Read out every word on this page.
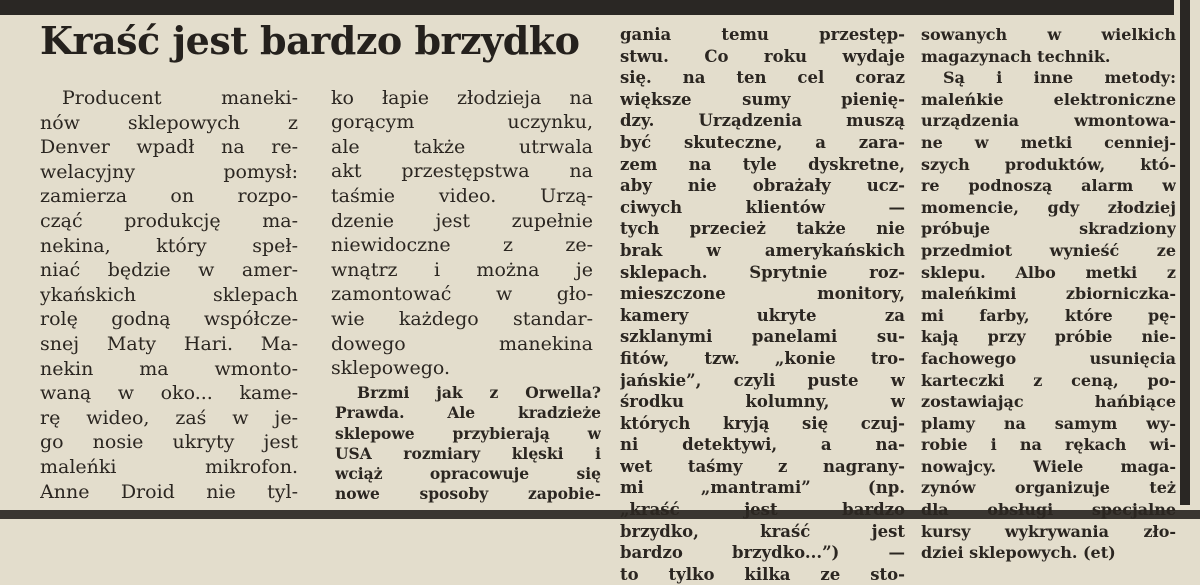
Kraść jest bardzo brzydko
Producent maneki-
nów sklepowych z
Denver wpadł na re-
welacyjny pomysł:
zamierza on rozpo-
cząć produkcję ma-
nekina, który speł-
niać będzie w amer-
ykańskich sklepach
rolę godną współcze-
snej Maty Hari. Ma-
nekin ma wmonto-
waną w oko... kame-
rę wideo, zaś w je-
go nosie ukryty jest
maleńki mikrofon.
Anne Droid nie tyl-
ko łapie złodzieja na
gorącym uczynku,
ale także utrwala
akt przestępstwa na
taśmie video. Urzą-
dzenie jest zupełnie
niewidoczne z ze-
wnątrz i można je
zamontować w gło-
wie każdego standar-
dowego manekina
sklepowego.
Brzmi jak z Orwella?
Prawda. Ale kradzieże
sklepowe przybierają w
USA rozmiary klęski i
wciąż opracowuje się
nowe sposoby zapobie-
gania temu przestęp-
stwu. Co roku wydaje
się. na ten cel coraz
większe sumy pienię-
dzy. Urządzenia muszą
być skuteczne, a zara-
zem na tyle dyskretne,
aby nie obrażały ucz-
ciwych klientów —
tych przecież także nie
brak w amerykańskich
sklepach. Sprytnie roz-
mieszczone monitory,
kamery ukryte za
szklanymi panelami su-
fitów, tzw. „konie tro-
jańskie”, czyli puste w
środku kolumny, w
których kryją się czuj-
ni detektywi, a na-
wet taśmy z nagrany-
mi „mantrami” (np.
„kraść jest bardzo
brzydko, kraść jest
bardzo brzydko...”) —
to tylko kilka ze sto-
sowanych w wielkich
magazynach technik.
Są i inne metody:
maleńkie elektroniczne
urządzenia wmontowa-
ne w metki cenniej-
szych produktów, któ-
re podnoszą alarm w
momencie, gdy złodziej
próbuje skradziony
przedmiot wynieść ze
sklepu. Albo metki z
maleńkimi zbiorniczka-
mi farby, które pę-
kają przy próbie nie-
fachowego usunięcia
karteczki z ceną, po-
zostawiając hańbiące
plamy na samym wy-
robie i na rękach wi-
nowajcy. Wiele maga-
zynów organizuje też
dla obsługi specjalne
kursy wykrywania zło-
dziei sklepowych. (et)
